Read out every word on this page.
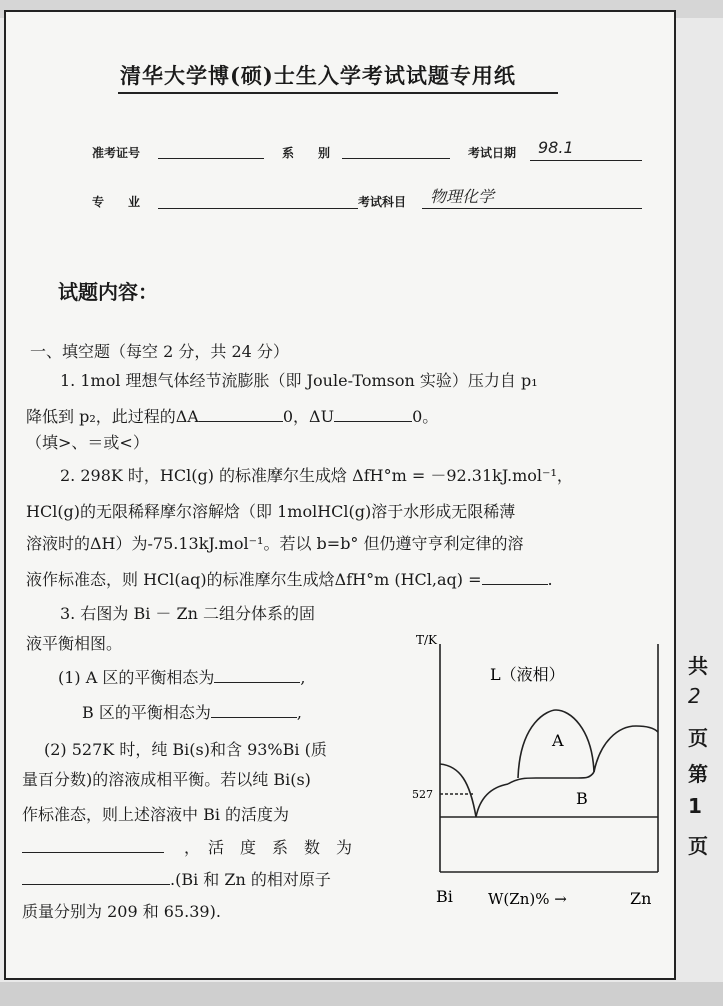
清华大学博(硕)士生入学考试试题专用纸
准考证号	系　　别	考试日期 98.1
专　　业	考试科目 物理化学
试题内容：
一、填空题（每空 2 分，共 24 分）
1. 1mol 理想气体经节流膨胀（即 Joule-Tomson 实验）压力自 p₁
降低到 p₂，此过程的ΔA	0，ΔU	0。
（填>、＝或<）
2. 298K 时，HCl(g) 的标准摩尔生成焓 ΔfH°m = －92.31kJ.mol⁻¹，
HCl(g)的无限稀释摩尔溶解焓（即 1molHCl(g)溶于水形成无限稀薄
溶液时的ΔH）为-75.13kJ.mol⁻¹。若以 b=b° 但仍遵守亨利定律的溶
液作标准态，则 HCl(aq)的标准摩尔生成焓ΔfH°m (HCl,aq) =	.
3. 右图为 Bi － Zn 二组分体系的固
液平衡相图。
(1) A 区的平衡相态为	,
B 区的平衡相态为	,
(2) 527K 时，纯 Bi(s)和含 93%Bi (质
量百分数)的溶液成相平衡。若以纯 Bi(s)
作标准态，则上述溶液中 Bi 的活度为
，　活　度　系　数　为
.(Bi 和 Zn 的相对原子
质量分别为 209 和 65.39).
T/K
527
L（液相）
A
B
Bi W(Zn)% →	Zn
共
2
页
第
1
页
